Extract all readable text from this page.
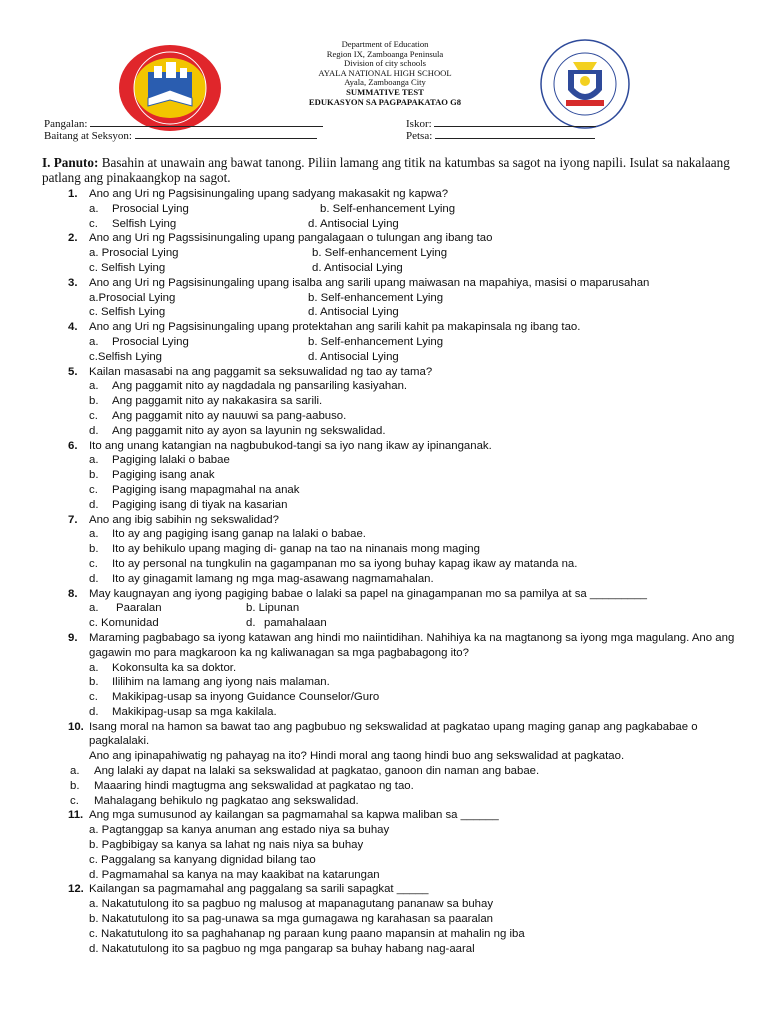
Department of Education
Region IX, Zamboanga Peninsula
Division of city schools
AYALA NATIONAL HIGH SCHOOL
Ayala, Zamboanga City
SUMMATIVE TEST
EDUKASYON SA PAGPAPAKATAO G8
Pangalan:
Baitang at Seksyon:
Iskor:
Petsa:

I. Panuto: Basahin at unawain ang bawat tanong. Piliin lamang ang titik na katumbas sa sagot na iyong napili. Isulat sa nakalaang patlang ang pinakaangkop na sagot.

1.	Ano ang Uri ng Pagsisinungaling upang sadyang makasakit ng kapwa?
a. Prosocial Lying	b. Self-enhancement Lying
c. Selfish Lying	d. Antisocial Lying
2.	Ano ang Uri ng Pagssisinungaling upang pangalagaan o tulungan ang ibang tao
a. Prosocial Lying	b. Self-enhancement Lying
c. Selfish Lying	d. Antisocial Lying
3.	Ano ang Uri ng Pagsisinungaling upang isalba ang sarili upang maiwasan na mapahiya, masisi o maparusahan
a.Prosocial Lying	b. Self-enhancement Lying
c. Selfish Lying	d. Antisocial Lying
4.	Ano ang Uri ng Pagsisinungaling upang protektahan ang sarili kahit pa makapinsala ng ibang tao.
a. Prosocial Lying	b. Self-enhancement Lying
c.Selfish Lying	d. Antisocial Lying
5.	Kailan masasabi na ang paggamit sa seksuwalidad ng tao ay tama?
a. Ang paggamit nito ay nagdadala ng pansariling kasiyahan.
b. Ang paggamit nito ay nakakasira sa sarili.
c. Ang paggamit nito ay nauuwi sa pang-aabuso.
d. Ang paggamit nito ay ayon sa layunin ng sekswalidad.
6.	Ito ang unang katangian na nagbubukod-tangi sa iyo nang ikaw ay ipinanganak.
a. Pagiging lalaki o babae
b. Pagiging isang anak
c. Pagiging isang mapagmahal na anak
d. Pagiging isang di tiyak na kasarian
7.	Ano ang ibig sabihin ng sekswalidad?
a. Ito ay ang pagiging isang ganap na lalaki o babae.
b. Ito ay behikulo upang maging di- ganap na tao na ninanais mong maging
c. Ito ay personal na tungkulin na gagampanan mo sa iyong buhay kapag ikaw ay matanda na.
d. Ito ay ginagamit lamang ng mga mag-asawang nagmamahalan.
8.	May kaugnayan ang iyong pagiging babae o lalaki sa papel na ginagampanan mo sa pamilya at sa _________
a. Paaralan	b. Lipunan
c. Komunidad	d. pamahalaan
9.	Maraming pagbabago sa iyong katawan ang hindi mo naiintidihan. Nahihiya ka na magtanong sa iyong mga magulang. Ano ang gagawin mo para magkaroon ka ng kaliwanagan sa mga pagbabagong ito?
a. Kokonsulta ka sa doktor.
b. Ililihim na lamang ang iyong nais malaman.
c. Makikipag-usap sa inyong Guidance Counselor/Guro
d. Makikipag-usap sa mga kakilala.
10. Isang moral na hamon sa bawat tao ang pagbubuo ng sekswalidad at pagkatao upang maging ganap ang pagkababae o pagkalalaki.
Ano ang ipinapahiwatig ng pahayag na ito? Hindi moral ang taong hindi buo ang sekswalidad at pagkatao.
a. Ang lalaki ay dapat na lalaki sa sekswalidad at pagkatao, ganoon din naman ang babae.
b. Maaaring hindi magtugma ang sekswalidad at pagkatao ng tao.
c. Mahalagang behikulo ng pagkatao ang sekswalidad.
11. Ang mga sumusunod ay kailangan sa pagmamahal sa kapwa maliban sa ______
a. Pagtanggap sa kanya anuman ang estado niya sa buhay
b. Pagbibigay sa kanya sa lahat ng nais niya sa buhay
c. Paggalang sa kanyang dignidad bilang tao
d. Pagmamahal sa kanya na may kaakibat na katarungan
12. Kailangan sa pagmamahal ang paggalang sa sarili sapagkat _____
a. Nakatutulong ito sa pagbuo ng malusog at mapanagutang pananaw sa buhay
b. Nakatutulong ito sa pag-unawa sa mga gumagawa ng karahasan sa paaralan
c. Nakatutulong ito sa paghahanap ng paraan kung paano mapansin at mahalin ng iba
d. Nakatutulong ito sa pagbuo ng mga pangarap sa buhay habang nag-aaral
